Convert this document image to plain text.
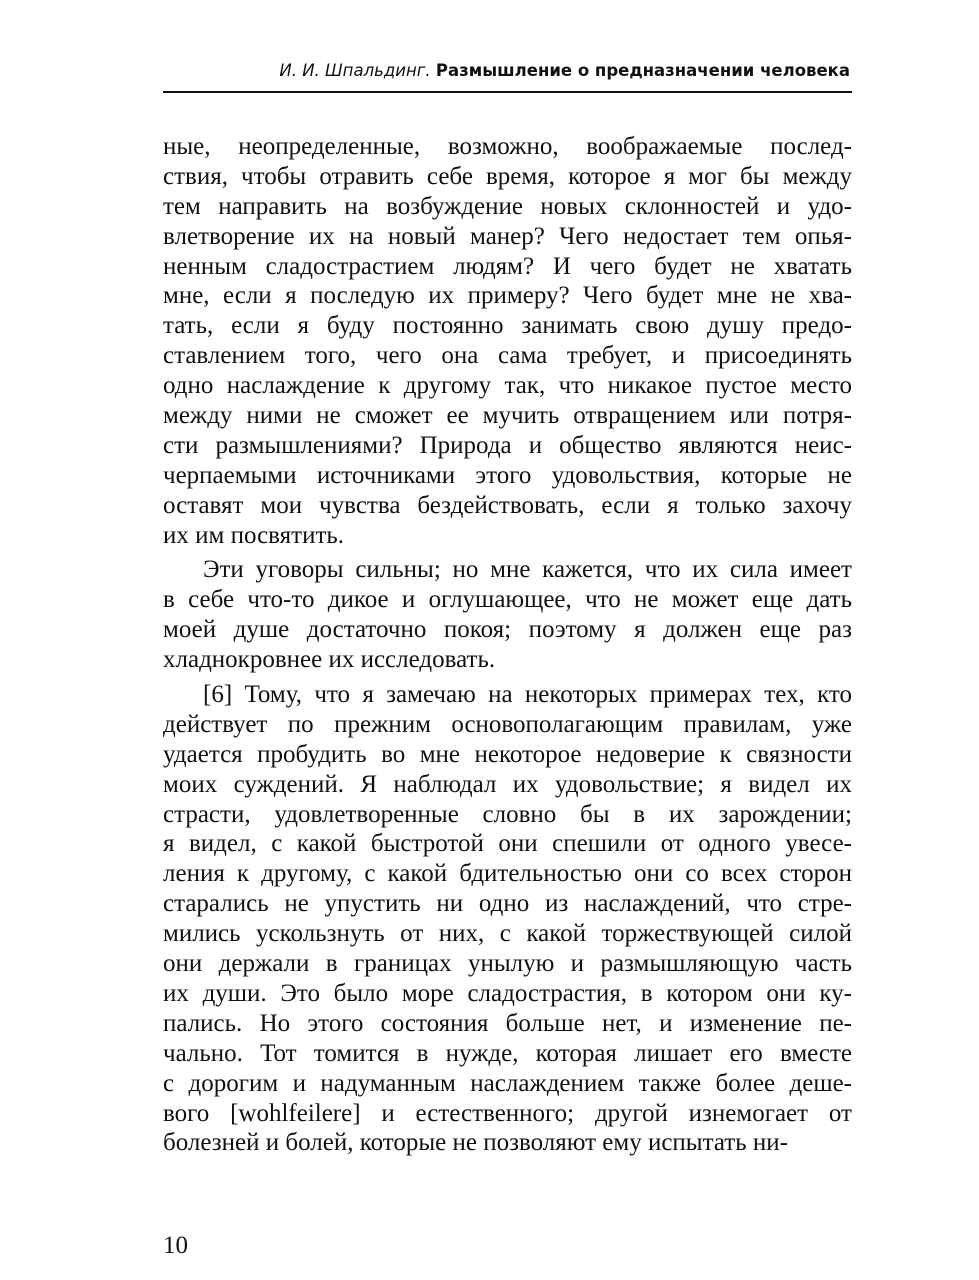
И. И. Шпальдинг. Размышление о предназначении человека
ные, неопределенные, возможно, воображаемые послед-
ствия, чтобы отравить себе время, которое я мог бы между
тем направить на возбуждение новых склонностей и удо-
влетворение их на новый манер? Чего недостает тем опья-
ненным сладострастием людям? И чего будет не хватать
мне, если я последую их примеру? Чего будет мне не хва-
тать, если я буду постоянно занимать свою душу предо-
ставлением того, чего она сама требует, и присоединять
одно наслаждение к другому так, что никакое пустое место
между ними не сможет ее мучить отвращением или потря-
сти размышлениями? Природа и общество являются неис-
черпаемыми источниками этого удовольствия, которые не
оставят мои чувства бездействовать, если я только захочу
их им посвятить.
Эти уговоры сильны; но мне кажется, что их сила имеет
в себе что-то дикое и оглушающее, что не может еще дать
моей душе достаточно покоя; поэтому я должен еще раз
хладнокровнее их исследовать.
[6] Тому, что я замечаю на некоторых примерах тех, кто
действует по прежним основополагающим правилам, уже
удается пробудить во мне некоторое недоверие к связности
моих суждений. Я наблюдал их удовольствие; я видел их
страсти, удовлетворенные словно бы в их зарождении;
я видел, с какой быстротой они спешили от одного увесе-
ления к другому, с какой бдительностью они со всех сторон
старались не упустить ни одно из наслаждений, что стре-
мились ускользнуть от них, с какой торжествующей силой
они держали в границах унылую и размышляющую часть
их души. Это было море сладострастия, в котором они ку-
пались. Но этого состояния больше нет, и изменение пе-
чально. Тот томится в нужде, которая лишает его вместе
с дорогим и надуманным наслаждением также более деше-
вого [wohlfeilere] и естественного; другой изнемогает от
болезней и болей, которые не позволяют ему испытать ни-
10
